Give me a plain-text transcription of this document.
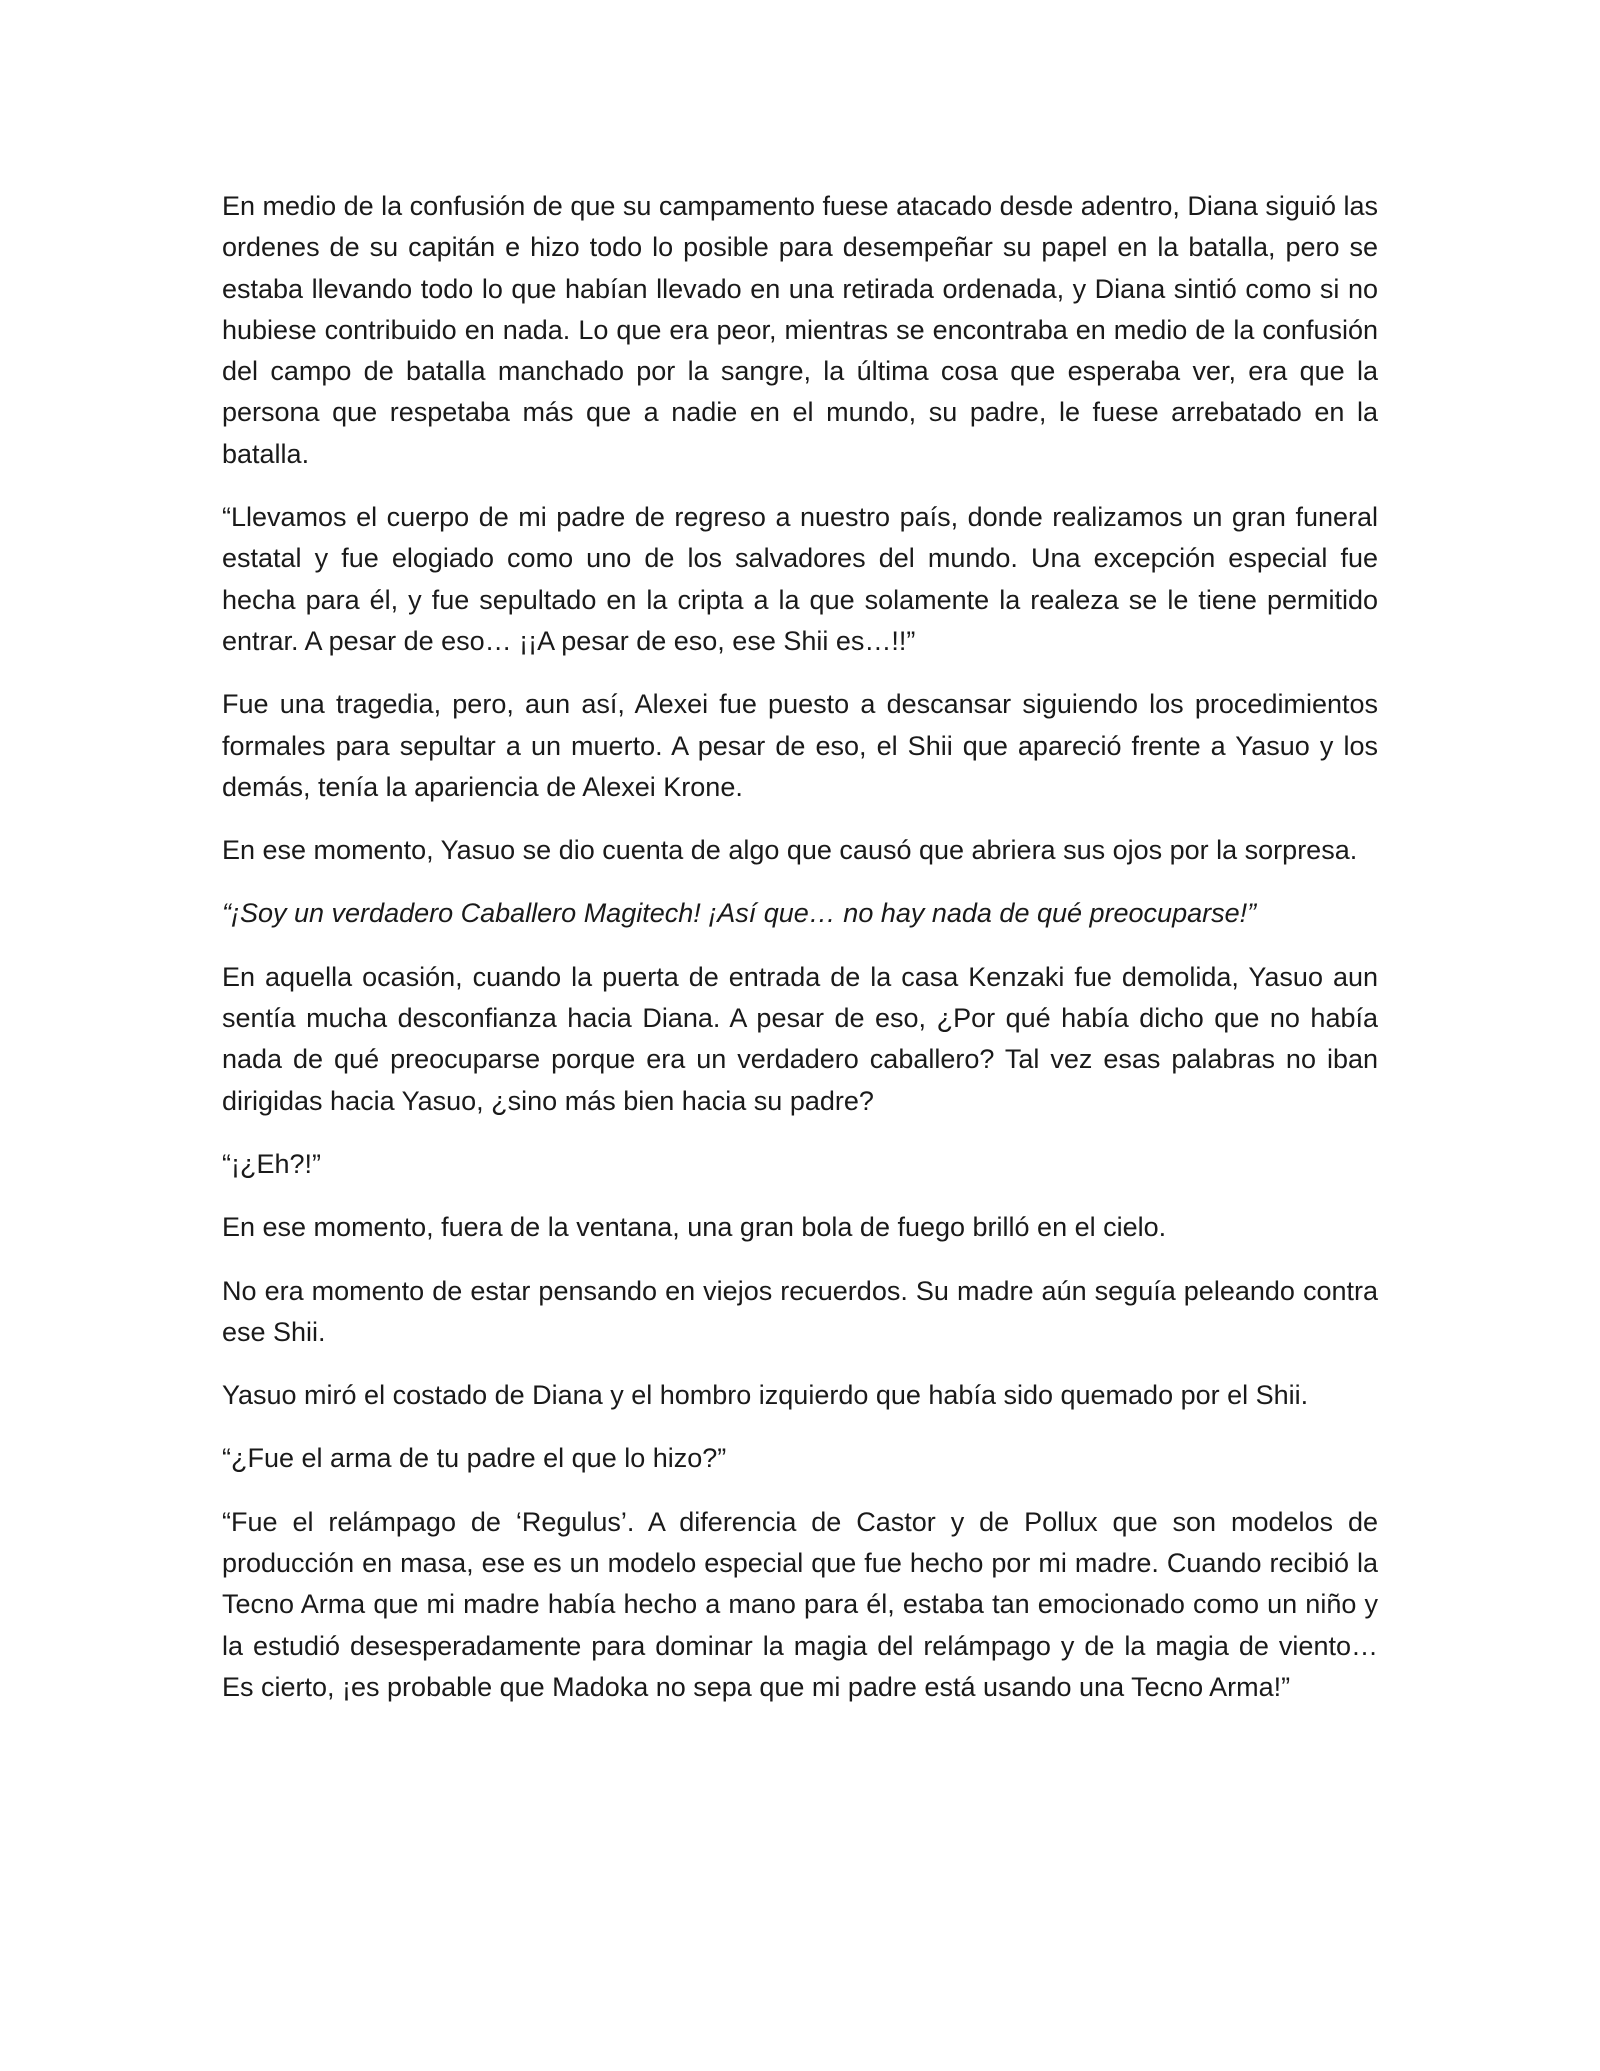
En medio de la confusión de que su campamento fuese atacado desde adentro, Diana siguió las ordenes de su capitán e hizo todo lo posible para desempeñar su papel en la batalla, pero se estaba llevando todo lo que habían llevado en una retirada ordenada, y Diana sintió como si no hubiese contribuido en nada. Lo que era peor, mientras se encontraba en medio de la confusión del campo de batalla manchado por la sangre, la última cosa que esperaba ver, era que la persona que respetaba más que a nadie en el mundo, su padre, le fuese arrebatado en la batalla.

“Llevamos el cuerpo de mi padre de regreso a nuestro país, donde realizamos un gran funeral estatal y fue elogiado como uno de los salvadores del mundo. Una excepción especial fue hecha para él, y fue sepultado en la cripta a la que solamente la realeza se le tiene permitido entrar. A pesar de eso… ¡¡A pesar de eso, ese Shii es…!!”

Fue una tragedia, pero, aun así, Alexei fue puesto a descansar siguiendo los procedimientos formales para sepultar a un muerto. A pesar de eso, el Shii que apareció frente a Yasuo y los demás, tenía la apariencia de Alexei Krone.

En ese momento, Yasuo se dio cuenta de algo que causó que abriera sus ojos por la sorpresa.

“¡Soy un verdadero Caballero Magitech! ¡Así que… no hay nada de qué preocuparse!”

En aquella ocasión, cuando la puerta de entrada de la casa Kenzaki fue demolida, Yasuo aun sentía mucha desconfianza hacia Diana. A pesar de eso, ¿Por qué había dicho que no había nada de qué preocuparse porque era un verdadero caballero? Tal vez esas palabras no iban dirigidas hacia Yasuo, ¿sino más bien hacia su padre?

“¡¿Eh?!”

En ese momento, fuera de la ventana, una gran bola de fuego brilló en el cielo.

No era momento de estar pensando en viejos recuerdos. Su madre aún seguía peleando contra ese Shii.

Yasuo miró el costado de Diana y el hombro izquierdo que había sido quemado por el Shii.

“¿Fue el arma de tu padre el que lo hizo?”

“Fue el relámpago de ‘Regulus’. A diferencia de Castor y de Pollux que son modelos de producción en masa, ese es un modelo especial que fue hecho por mi madre. Cuando recibió la Tecno Arma que mi madre había hecho a mano para él, estaba tan emocionado como un niño y la estudió desesperadamente para dominar la magia del relámpago y de la magia de viento… Es cierto, ¡es probable que Madoka no sepa que mi padre está usando una Tecno Arma!”
